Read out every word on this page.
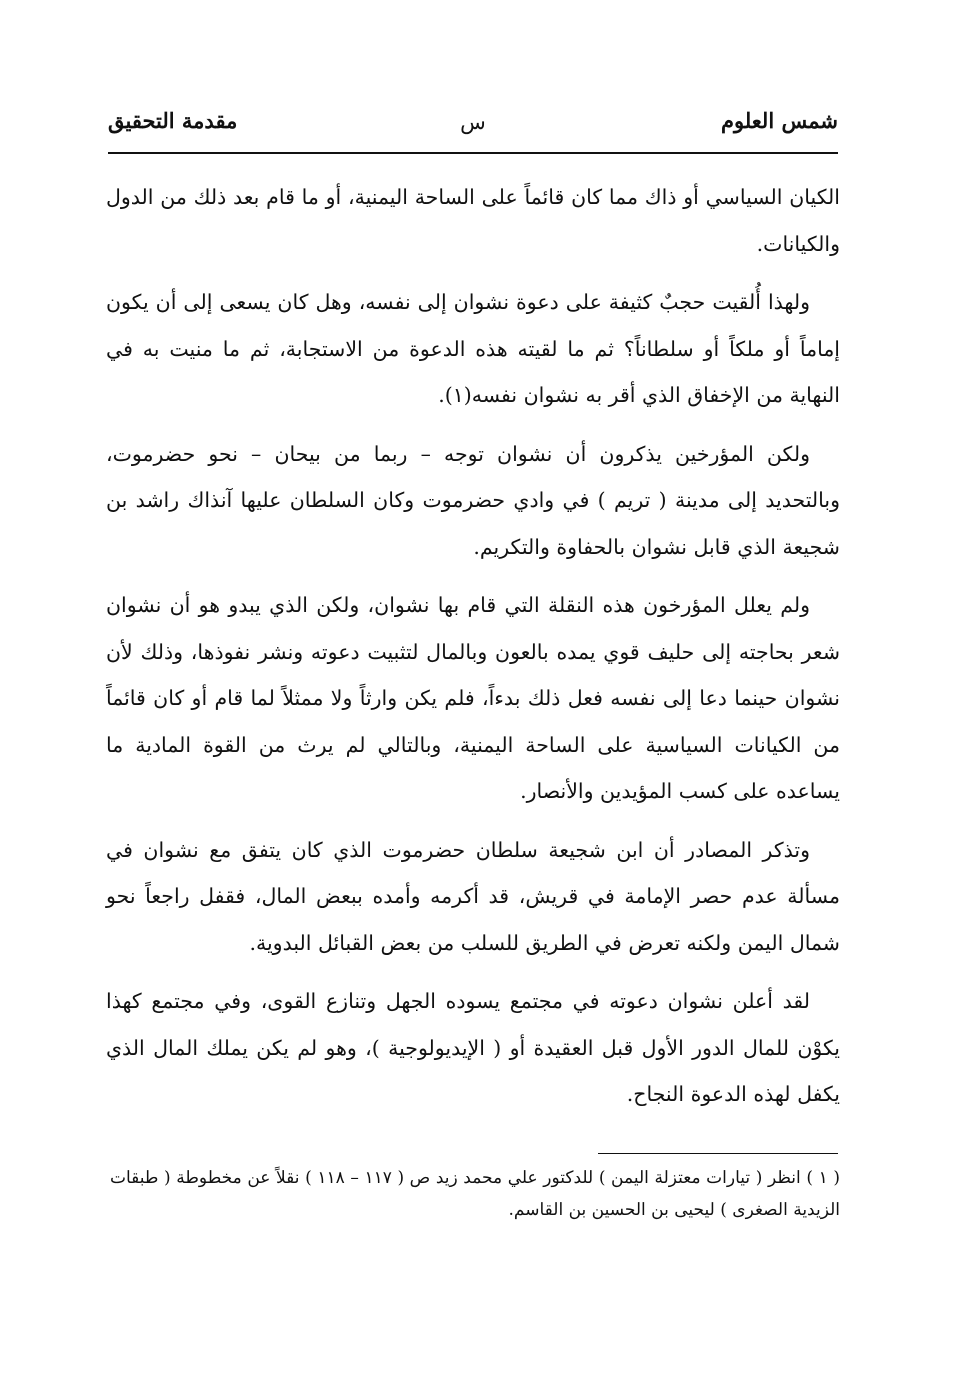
شمس العلوم
س
مقدمة التحقيق

الكيان السياسي أو ذاك مما كان قائماً على الساحة اليمنية، أو ما قام بعد ذلك من الدول والكيانات.

ولهذا أُلقيت حجبٌ كثيفة على دعوة نشوان إلى نفسه، وهل كان يسعى إلى أن يكون إماماً أو ملكاً أو سلطاناً؟ ثم ما لقيته هذه الدعوة من الاستجابة، ثم ما منيت به في النهاية من الإخفاق الذي أقر به نشوان نفسه(١).

ولكن المؤرخين يذكرون أن نشوان توجه – ربما من بيحان – نحو حضرموت، وبالتحديد إلى مدينة ( تريم ) في وادي حضرموت وكان السلطان عليها آنذاك راشد بن شجيعة الذي قابل نشوان بالحفاوة والتكريم.

ولم يعلل المؤرخون هذه النقلة التي قام بها نشوان، ولكن الذي يبدو هو أن نشوان شعر بحاجته إلى حليف قوي يمده بالعون وبالمال لتثبيت دعوته ونشر نفوذها، وذلك لأن نشوان حينما دعا إلى نفسه فعل ذلك بدءاً، فلم يكن وارثاً ولا ممثلاً لما قام أو كان قائماً من الكيانات السياسية على الساحة اليمنية، وبالتالي لم يرث من القوة المادية ما يساعده على كسب المؤيدين والأنصار.

وتذكر المصادر أن ابن شجيعة سلطان حضرموت الذي كان يتفق مع نشوان في مسألة عدم حصر الإمامة في قريش، قد أكرمه وأمده ببعض المال، فقفل راجعاً نحو شمال اليمن ولكنه تعرض في الطريق للسلب من بعض القبائل البدوية.

لقد أعلن نشوان دعوته في مجتمع يسوده الجهل وتنازع القوى، وفي مجتمع كهذا يكوْن للمال الدور الأول قبل العقيدة أو ( الإيديولوجية )، وهو لم يكن يملك المال الذي يكفل لهذه الدعوة النجاح.

( ١ ) انظر ( تيارات معتزلة اليمن ) للدكتور علي محمد زيد ص ( ١١٧ – ١١٨ ) نقلاً عن مخطوطة ( طبقات الزيدية الصغرى ) ليحيى بن الحسين بن القاسم.
